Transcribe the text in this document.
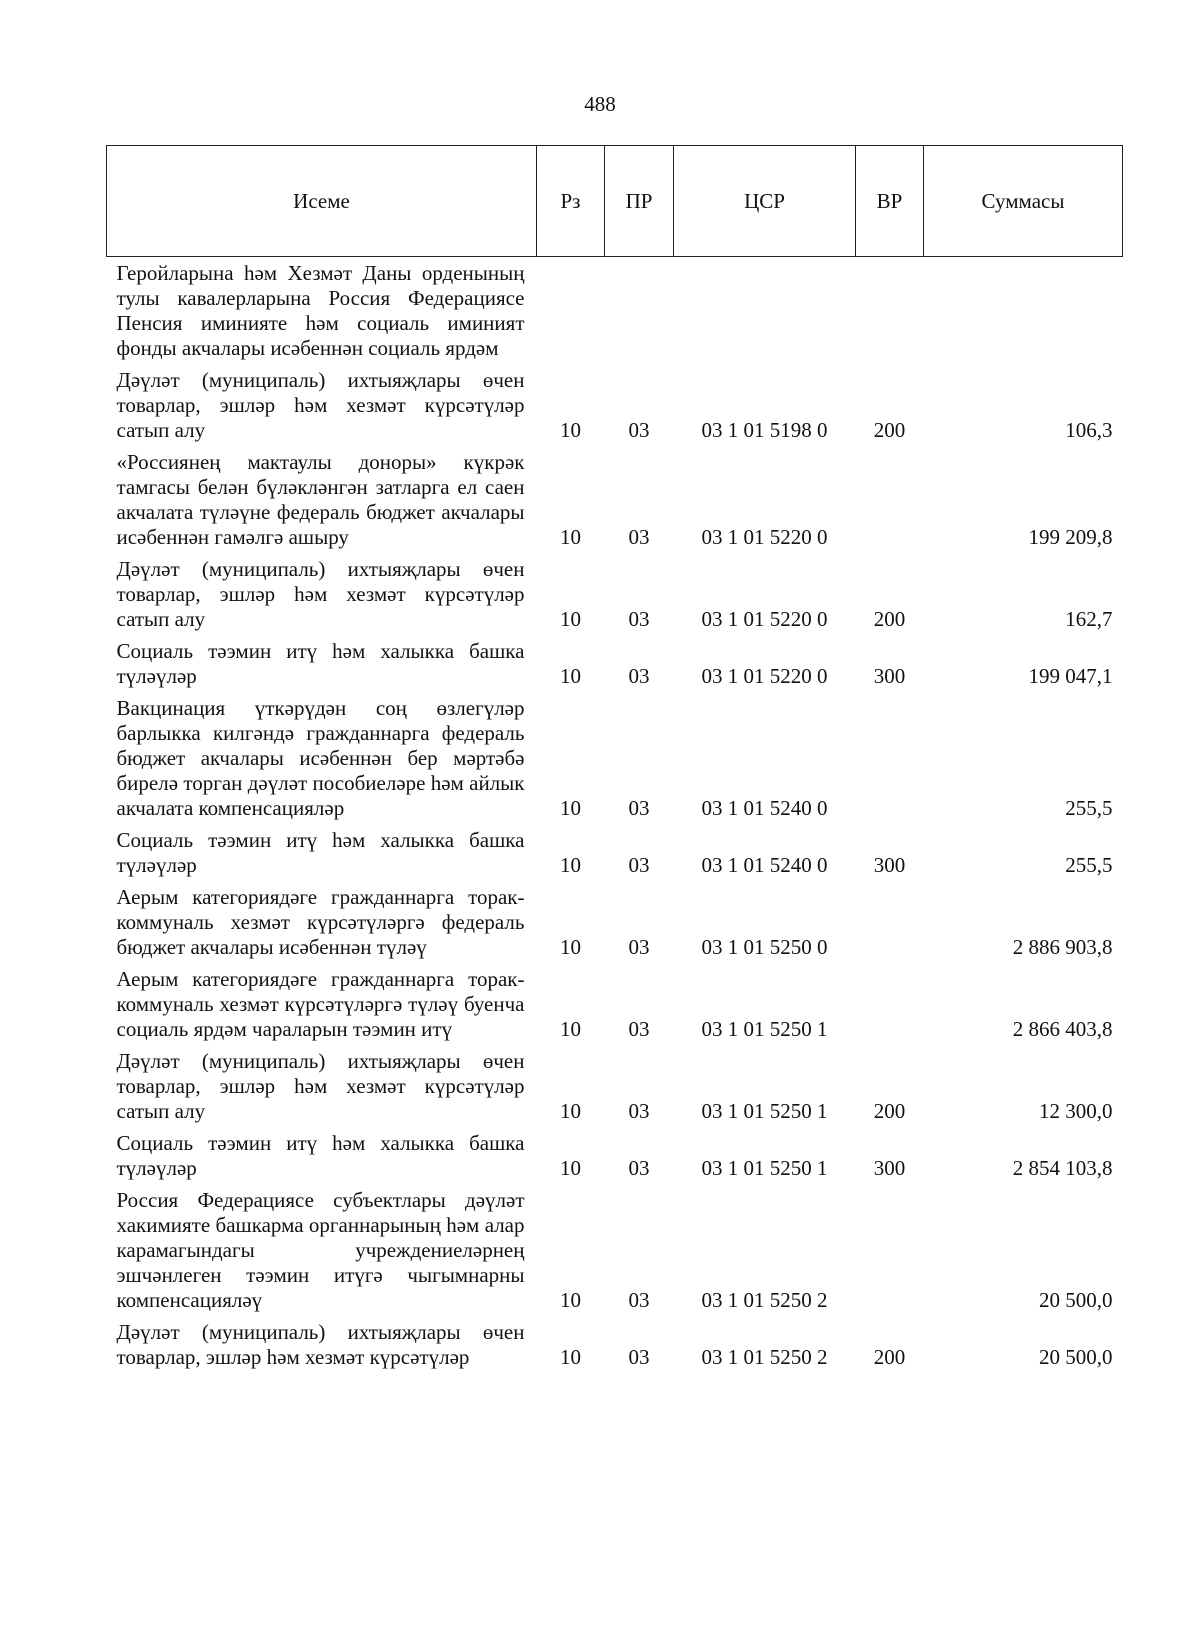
488
Исеме	Рз	ПР	ЦСР	ВР	Суммасы
Геройларына һәм Хезмәт Даны орденының тулы кавалерларына Россия Федерациясе Пенсия иминияте һәм социаль иминият фонды акчалары исәбеннән социаль ярдәм					
Дәүләт (муниципаль) ихтыяҗлары өчен товарлар, эшләр һәм хезмәт күрсәтүләр сатып алу	10	03	03 1 01 5198 0	200	106,3
«Россиянең мактаулы доноры» күкрәк тамгасы белән бүләкләнгән затларга ел саен акчалата түләүне федераль бюджет акчалары исәбеннән гамәлгә ашыру	10	03	03 1 01 5220 0		199 209,8
Дәүләт (муниципаль) ихтыяҗлары өчен товарлар, эшләр һәм хезмәт күрсәтүләр сатып алу	10	03	03 1 01 5220 0	200	162,7
Социаль тәэмин итү һәм халыкка башка түләүләр	10	03	03 1 01 5220 0	300	199 047,1
Вакцинация үткәрүдән соң өзлегүләр барлыкка килгәндә гражданнарга федераль бюджет акчалары исәбеннән бер мәртәбә бирелә торган дәүләт пособиеләре һәм айлык акчалата компенсацияләр	10	03	03 1 01 5240 0		255,5
Социаль тәэмин итү һәм халыкка башка түләүләр	10	03	03 1 01 5240 0	300	255,5
Аерым категориядәге гражданнарга торак-коммуналь хезмәт күрсәтүләргә федераль бюджет акчалары исәбеннән түләү	10	03	03 1 01 5250 0		2 886 903,8
Аерым категориядәге гражданнарга торак-коммуналь хезмәт күрсәтүләргә түләү буенча социаль ярдәм чараларын тәэмин итү	10	03	03 1 01 5250 1		2 866 403,8
Дәүләт (муниципаль) ихтыяҗлары өчен товарлар, эшләр һәм хезмәт күрсәтүләр сатып алу	10	03	03 1 01 5250 1	200	12 300,0
Социаль тәэмин итү һәм халыкка башка түләүләр	10	03	03 1 01 5250 1	300	2 854 103,8
Россия Федерациясе субъектлары дәүләт хакимияте башкарма органнарының һәм алар карамагындагы учреждениеләрнең эшчәнлеген тәэмин итүгә чыгымнарны компенсацияләү	10	03	03 1 01 5250 2		20 500,0
Дәүләт (муниципаль) ихтыяҗлары өчен товарлар, эшләр һәм хезмәт күрсәтүләр	10	03	03 1 01 5250 2	200	20 500,0
